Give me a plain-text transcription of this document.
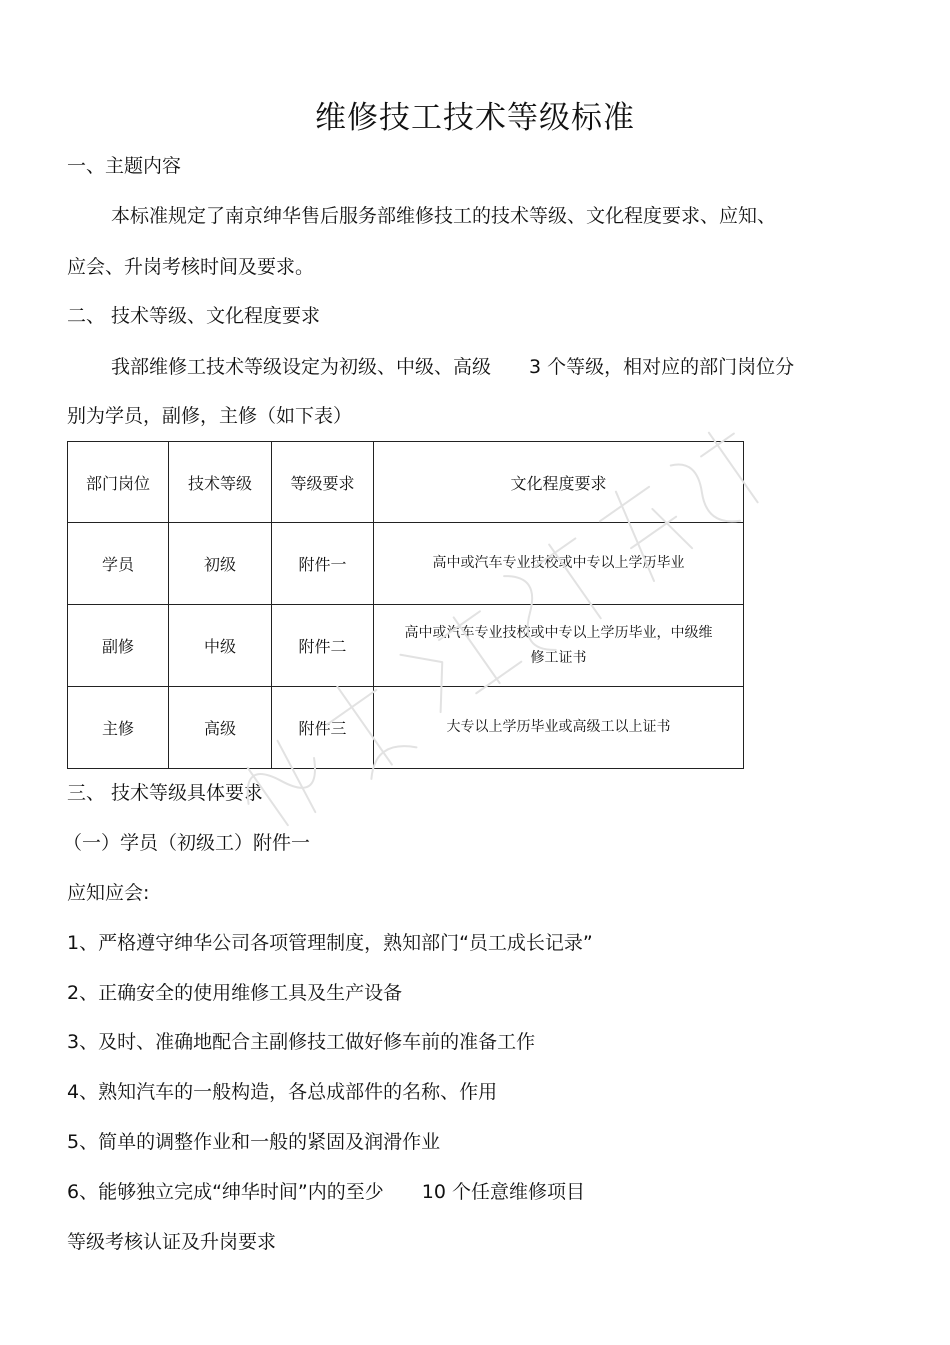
维修技工技术等级标准
一、主题内容
本标准规定了南京绅华售后服务部维修技工的技术等级、文化程度要求、应知、
应会、升岗考核时间及要求。
二、 技术等级、文化程度要求
我部维修工技术等级设定为初级、中级、高级 3 个等级，相对应的部门岗位分
别为学员，副修，主修（如下表）
部门岗位	技术等级	等级要求	文化程度要求
学员	初级	附件一	高中或汽车专业技校或中专以上学历毕业

副修	中级	附件二	高中或汽车专业技校或中专以上学历毕业，中级维
修工证书

主修	高级	附件三	大专以上学历毕业或高级工以上证书
三、 技术等级具体要求
（一）学员（初级工）附件一
应知应会:
1、严格遵守绅华公司各项管理制度，熟知部门“员工成长记录”
2、正确安全的使用维修工具及生产设备
3、及时、准确地配合主副修技工做好修车前的准备工作
4、熟知汽车的一般构造，各总成部件的名称、作用
5、简单的调整作业和一般的紧固及润滑作业
6、能够独立完成“绅华时间”内的至少 10 个任意维修项目
等级考核认证及升岗要求
